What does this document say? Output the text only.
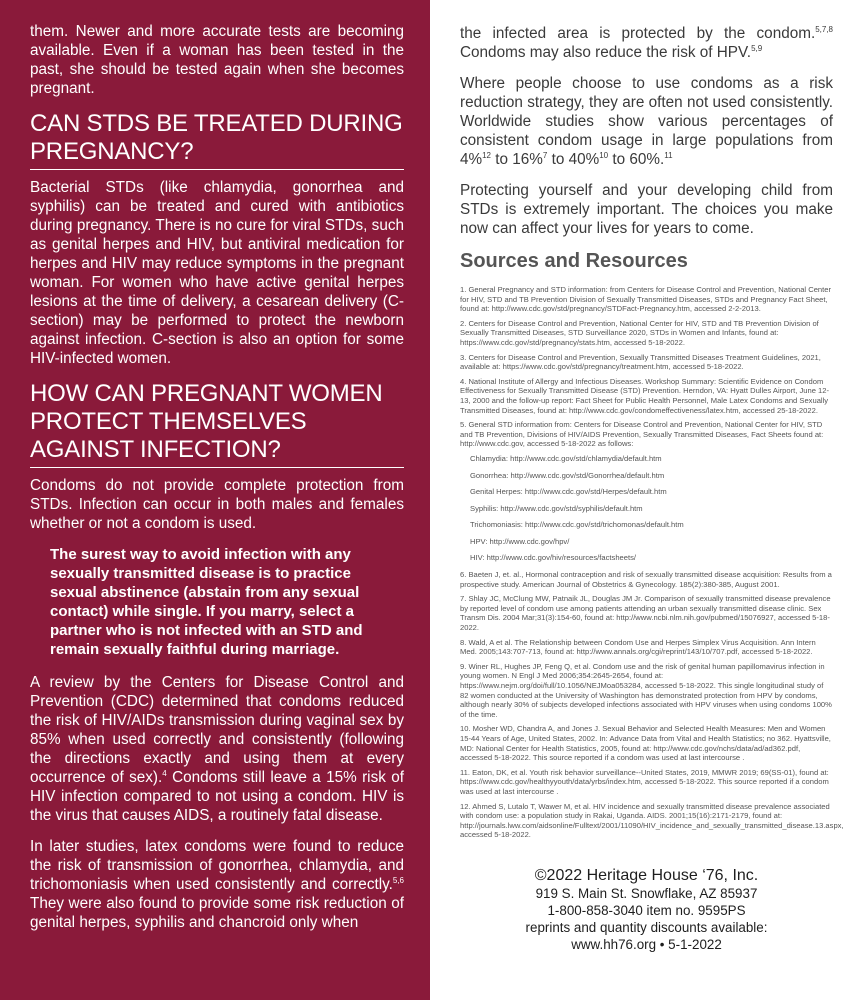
them. Newer and more accurate tests are becoming available. Even if a woman has been tested in the past, she should be tested again when she becomes pregnant.

CAN STDS BE TREATED DURING PREGNANCY?

Bacterial STDs (like chlamydia, gonorrhea and syphilis) can be treated and cured with antibiotics during pregnancy. There is no cure for viral STDs, such as genital herpes and HIV, but antiviral medication for herpes and HIV may reduce symptoms in the pregnant woman. For women who have active genital herpes lesions at the time of delivery, a cesarean delivery (C-section) may be performed to protect the newborn against infection. C-section is also an option for some HIV-infected women.

HOW CAN PREGNANT WOMEN PROTECT THEMSELVES AGAINST INFECTION?

Condoms do not provide complete protection from STDs. Infection can occur in both males and females whether or not a condom is used.

The surest way to avoid infection with any sexually transmitted disease is to practice sexual abstinence (abstain from any sexual contact) while single. If you marry, select a partner who is not infected with an STD and remain sexually faithful during marriage.

A review by the Centers for Disease Control and Prevention (CDC) determined that condoms reduced the risk of HIV/AIDs transmission during vaginal sex by 85% when used correctly and consistently (following the directions exactly and using them at every occurrence of sex).$^4$ Condoms still leave a 15% risk of HIV infection compared to not using a condom. HIV is the virus that causes AIDS, a routinely fatal disease.

In later studies, latex condoms were found to reduce the risk of transmission of gonorrhea, chlamydia, and trichomoniasis when used consistently and correctly.$^{5,6}$ They were also found to provide some risk reduction of genital herpes, syphilis and chancroid only when

the infected area is protected by the condom.$^{5,7,8}$ Condoms may also reduce the risk of HPV.$^{5,9}$

Where people choose to use condoms as a risk reduction strategy, they are often not used consistently. Worldwide studies show various percentages of consistent condom usage in large populations from 4%$^{12}$ to 16%$^7$ to 40%$^{10}$ to 60%.$^{11}$

Protecting yourself and your developing child from STDs is extremely important. The choices you make now can affect your lives for years to come.

Sources and Resources

1. General Pregnancy and STD information: from Centers for Disease Control and Prevention, National Center for HIV, STD and TB Prevention Division of Sexually Transmitted Diseases, STDs and Pregnancy Fact Sheet, found at: http://www.cdc.gov/std/pregnancy/STDFact-Pregnancy.htm, accessed 2-2-2013.

2. Centers for Disease Control and Prevention, National Center for HIV, STD and TB Prevention Division of Sexually Transmitted Diseases, STD Surveillance 2020, STDs in Women and Infants, found at: https://www.cdc.gov/std/pregnancy/stats.htm, accessed 5-18-2022.

3. Centers for Disease Control and Prevention, Sexually Transmitted Diseases Treatment Guidelines, 2021, available at: https://www.cdc.gov/std/pregnancy/treatment.htm, accessed 5-18-2022.

4. National Institute of Allergy and Infectious Diseases. Workshop Summary: Scientific Evidence on Condom Effectiveness for Sexually Transmitted Disease (STD) Prevention. Herndon, VA: Hyatt Dulles Airport, June 12-13, 2000 and the follow-up report: Fact Sheet for Public Health Personnel, Male Latex Condoms and Sexually Transmitted Diseases, found at: http://www.cdc.gov/condomeffectiveness/latex.htm, accessed 25-18-2022.

5. General STD information from: Centers for Disease Control and Prevention, National Center for HIV, STD and TB Prevention, Divisions of HIV/AIDS Prevention, Sexually Transmitted Diseases, Fact Sheets found at: http://www.cdc.gov, accessed 5-18-2022 as follows:

Chlamydia: http://www.cdc.gov/std/chlamydia/default.htm
Gonorrhea: http://www.cdc.gov/std/Gonorrhea/default.htm
Genital Herpes: http://www.cdc.gov/std/Herpes/default.htm
Syphilis: http://www.cdc.gov/std/syphilis/default.htm
Trichomoniasis: http://www.cdc.gov/std/trichomonas/default.htm
HPV: http://www.cdc.gov/hpv/
HIV: http://www.cdc.gov/hiv/resources/factsheets/

6. Baeten J, et. al., Hormonal contraception and risk of sexually transmitted disease acquisition: Results from a prospective study. American Journal of Obstetrics & Gynecology. 185(2):380-385, August 2001.

7. Shlay JC, McClung MW, Patnaik JL, Douglas JM Jr. Comparison of sexually transmitted disease prevalence by reported level of condom use among patients attending an urban sexually transmitted disease clinic. Sex Transm Dis. 2004 Mar;31(3):154-60, found at: http://www.ncbi.nlm.nih.gov/pubmed/15076927, accessed 5-18-2022.

8. Wald, A et al. The Relationship between Condom Use and Herpes Simplex Virus Acquisition. Ann Intern Med. 2005;143:707-713, found at: http://www.annals.org/cgi/reprint/143/10/707.pdf, accessed 5-18-2022.

9. Winer RL, Hughes JP, Feng Q, et al. Condom use and the risk of genital human papillomavirus infection in young women. N Engl J Med 2006;354:2645-2654, found at: https://www.nejm.org/doi/full/10.1056/NEJMoa053284, accessed 5-18-2022. This single longitudinal study of 82 women conducted at the University of Washington has demonstrated protection from HPV by condoms, although nearly 30% of subjects developed infections associated with HPV viruses when using condoms 100% of the time.

10. Mosher WD, Chandra A, and Jones J. Sexual Behavior and Selected Health Measures: Men and Women 15-44 Years of Age, United States, 2002. In: Advance Data from Vital and Health Statistics; no 362. Hyattsville, MD: National Center for Health Statistics, 2005, found at: http://www.cdc.gov/nchs/data/ad/ad362.pdf, accessed 5-18-2022. This source reported if a condom was used at last intercourse .

11. Eaton, DK, et al. Youth risk behavior surveillance--United States, 2019, MMWR 2019; 69(SS-01), found at: https://www.cdc.gov/healthyyouth/data/yrbs/index.htm, accessed 5-18-2022. This source reported if a condom was used at last intercourse .

12. Ahmed S, Lutalo T, Wawer M, et al. HIV incidence and sexually transmitted disease prevalence associated with condom use: a population study in Rakai, Uganda. AIDS. 2001;15(16):2171-2179, found at: http://journals.lww.com/aidsonline/Fulltext/2001/11090/HIV_incidence_and_sexually_transmitted_disease.13.aspx, accessed 5-18-2022.

©2022 Heritage House ‘76, Inc.
919 S. Main St. Snowflake, AZ 85937
1-800-858-3040 item no. 9595PS
reprints and quantity discounts available:
www.hh76.org • 5-1-2022
